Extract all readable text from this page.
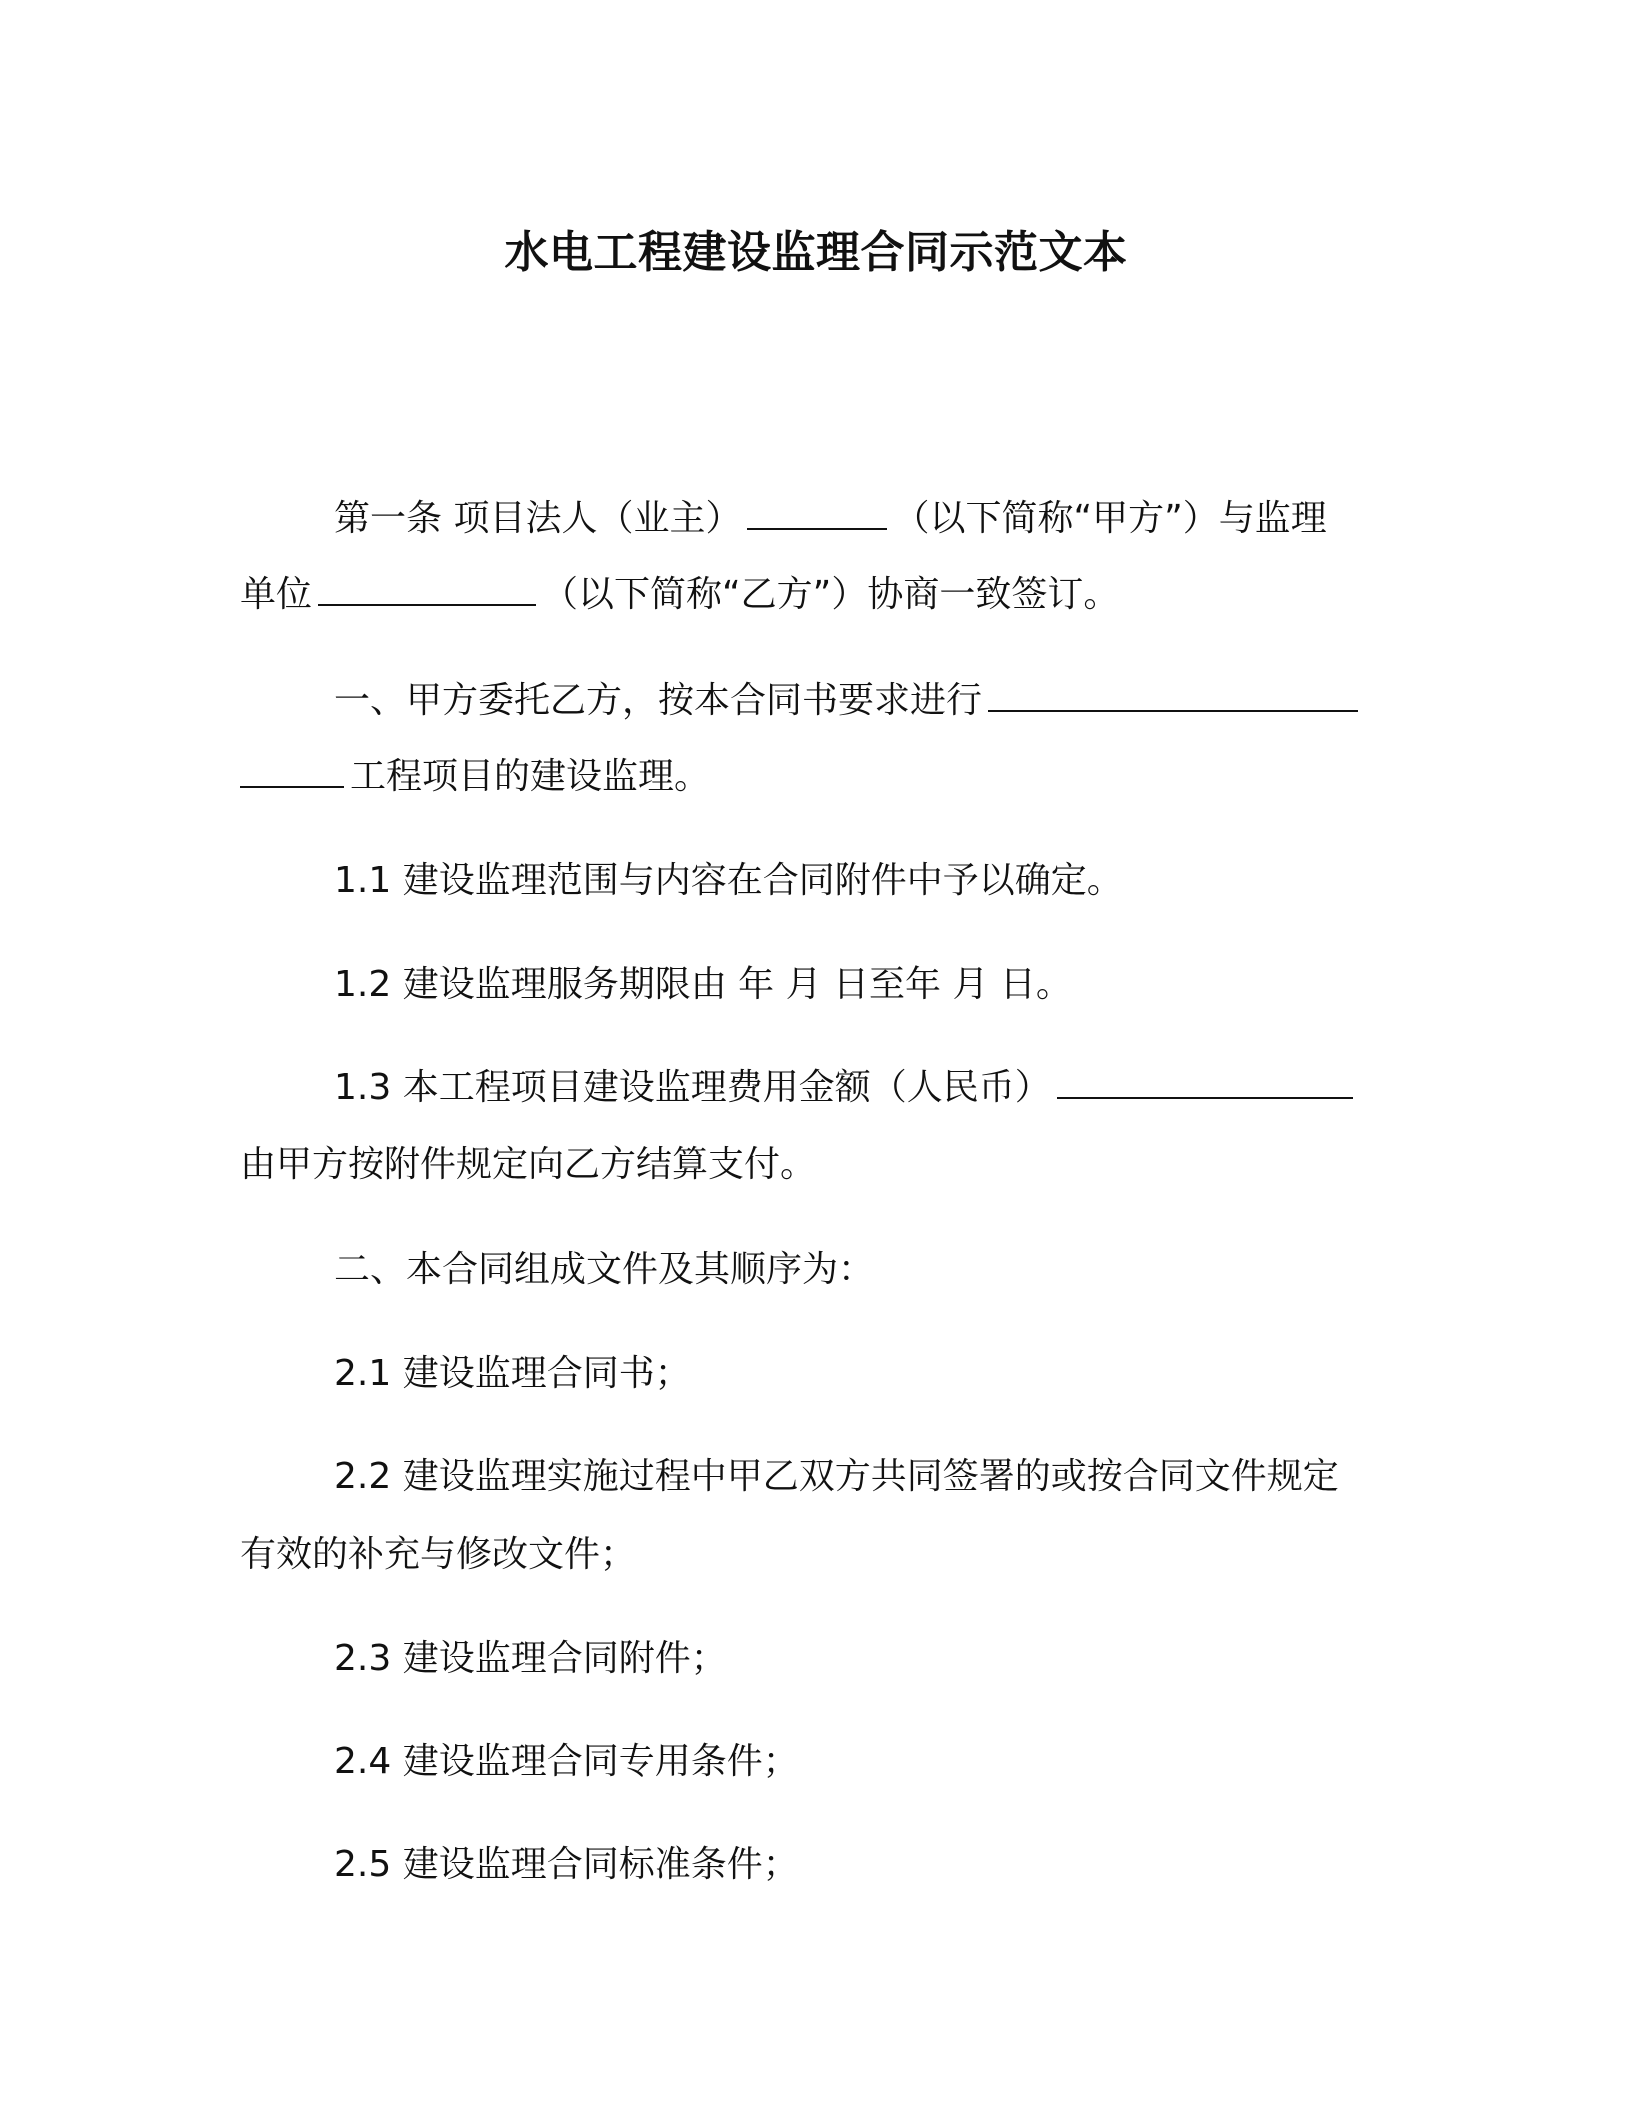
水电工程建设监理合同示范文本
第一条 项目法人（业主）	（以下简称“甲方”）与监理
单位	（以下简称“乙方”）协商一致签订。
一、甲方委托乙方，按本合同书要求进行
工程项目的建设监理。
1.1 建设监理范围与内容在合同附件中予以确定。
1.2 建设监理服务期限由 年 月 日至年 月 日。
1.3 本工程项目建设监理费用金额（人民币）
由甲方按附件规定向乙方结算支付。
二、本合同组成文件及其顺序为：
2.1 建设监理合同书；
2.2 建设监理实施过程中甲乙双方共同签署的或按合同文件规定
有效的补充与修改文件；
2.3 建设监理合同附件；
2.4 建设监理合同专用条件；
2.5 建设监理合同标准条件；
